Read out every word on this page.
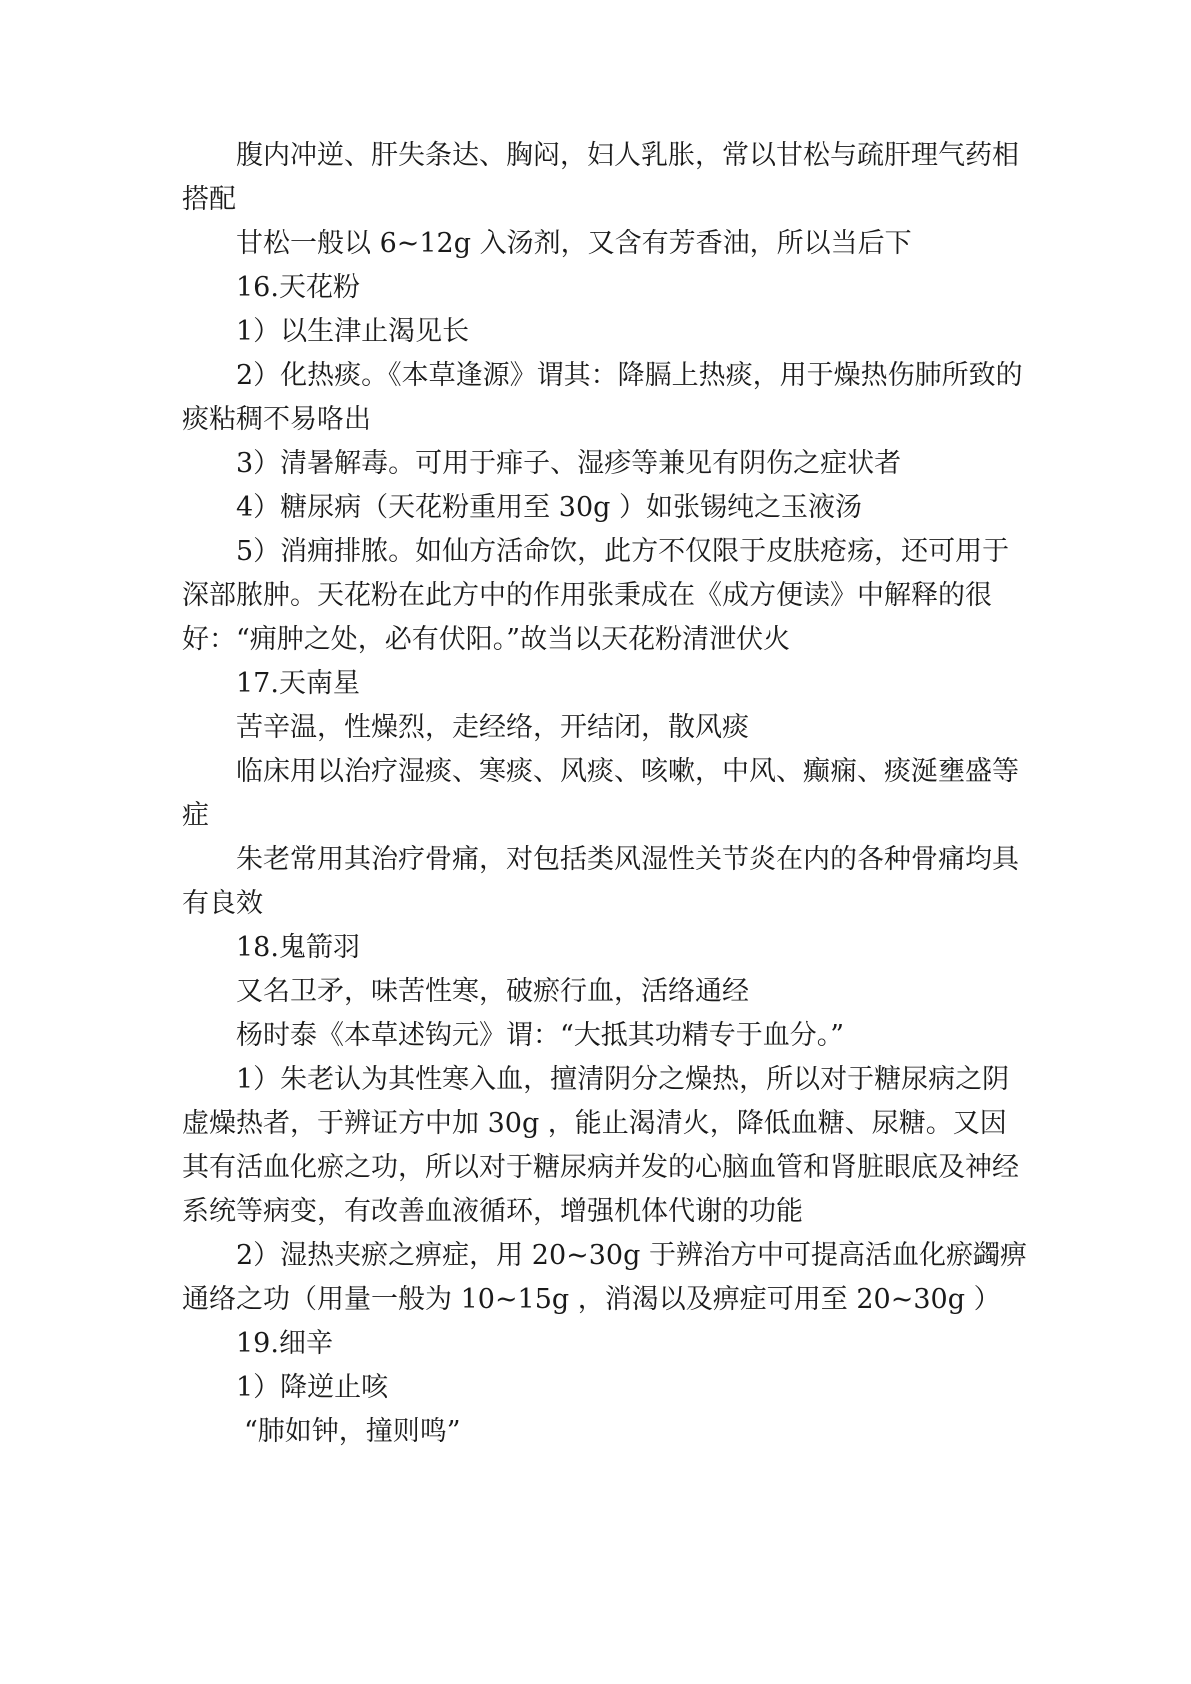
腹内冲逆、肝失条达、胸闷，妇人乳胀，常以甘松与疏肝理气药相搭配

甘松一般以 6~12g 入汤剂，又含有芳香油，所以当后下

16.天花粉

1）以生津止渴见长

2）化热痰。《本草逢源》谓其：降膈上热痰，用于燥热伤肺所致的痰粘稠不易咯出

3）清暑解毒。可用于痱子、湿疹等兼见有阴伤之症状者

4）糖尿病（天花粉重用至 30g ）如张锡纯之玉液汤

5）消痈排脓。如仙方活命饮，此方不仅限于皮肤疮疡，还可用于深部脓肿。天花粉在此方中的作用张秉成在《成方便读》中解释的很好：“痈肿之处，必有伏阳。”故当以天花粉清泄伏火

17.天南星

苦辛温，性燥烈，走经络，开结闭，散风痰

临床用以治疗湿痰、寒痰、风痰、咳嗽，中风、癫痫、痰涎壅盛等症

朱老常用其治疗骨痛，对包括类风湿性关节炎在内的各种骨痛均具有良效

18.鬼箭羽

又名卫矛，味苦性寒，破瘀行血，活络通经

杨时泰《本草述钩元》谓：“大抵其功精专于血分。”

1）朱老认为其性寒入血，擅清阴分之燥热，所以对于糖尿病之阴虚燥热者，于辨证方中加 30g ，能止渴清火，降低血糖、尿糖。又因其有活血化瘀之功，所以对于糖尿病并发的心脑血管和肾脏眼底及神经系统等病变，有改善血液循环，增强机体代谢的功能

2）湿热夹瘀之痹症，用 20~30g 于辨治方中可提高活血化瘀蠲痹通络之功（用量一般为 10~15g ，消渴以及痹症可用至 20~30g ）

19.细辛

1）降逆止咳

“肺如钟，撞则鸣”
